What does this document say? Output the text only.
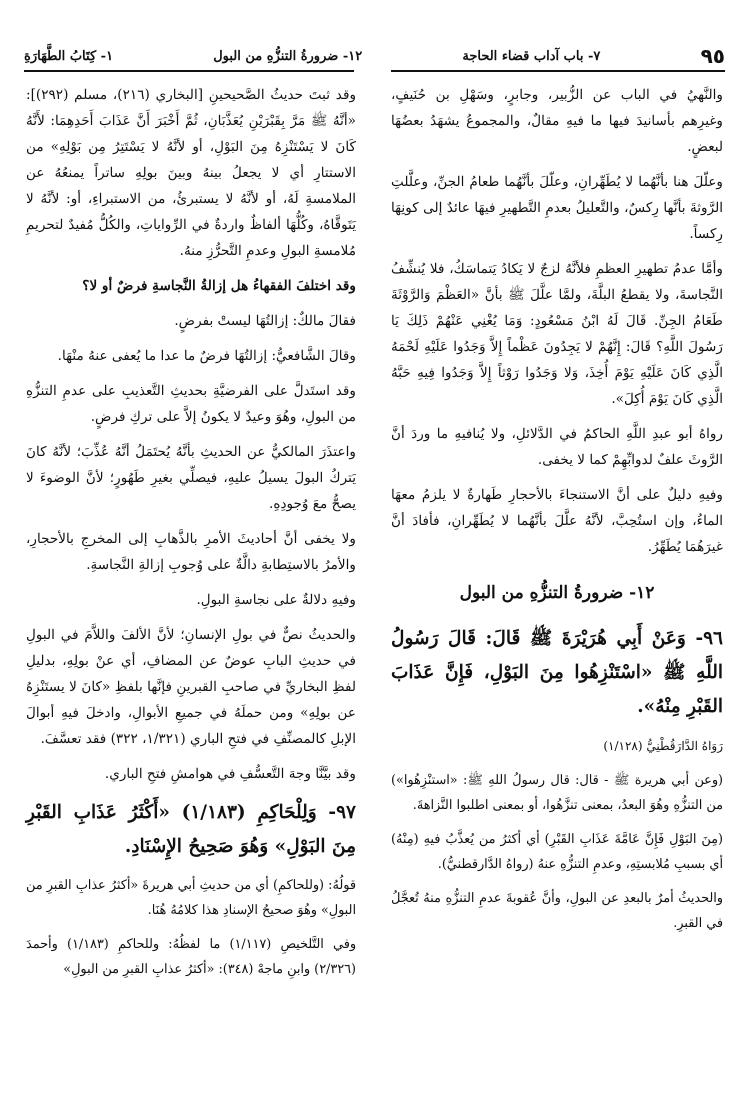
٩٥
٧- باب آداب قضاء الحاجة
١٢- ضرورةُ التنزُّهِ من البول
١- كِتَابُ الطَّهَارَةِ

والنَّهيُ في الباب عن الزُّبير، وجابرٍ، وسَهْلِ بن حُنَيفٍ، وغيرِهم بأسانيدَ فيها ما فيهِ مقالٌ، والمجموعُ يشهَدُ بعضُهَا لبعضٍ.

وعلّلَ هنا بأنَّهُما لا يُطَهِّرانِ، وعلّلَ بأنَّهُما طعامُ الجنِّ، وعلَّلتِ الرَّوثةَ بأنَّها رِكسٌ، والتَّعليلُ بعدمِ التَّطهيرِ فيهَا عائدٌ إلى كونِهَا رِكساً.

وأمَّا عدمُ تطهيرِ العظمِ فلأنَّهُ لزجٌ لا يَكادُ يَتماسَكُ، فلا يُنشِّفُ النَّجاسةَ، ولا يقطعُ البلَّةَ، ولمَّا علَّلَ ﷺ بأنَّ «العَظْمَ وَالرَّوْثَةَ طَعَامُ الجِنِّ. قَالَ لَهُ ابْنُ مَسْعُودٍ: وَمَا يُغْنِي عَنْهُمْ ذَلِكَ يَا رَسُولَ اللَّهِ؟ قَالَ: إِنَّهُمْ لا يَجِدُونَ عَظْماً إِلاَّ وَجَدُوا عَلَيْهِ لَحْمَهُ الَّذِي كَانَ عَلَيْهِ يَوْمَ أُخِذَ، وَلا وَجَدُوا رَوْثاً إِلاَّ وَجَدُوا فِيهِ حَبَّهُ الَّذِي كَانَ يَوْمَ أُكِلَ».

رواهُ أبو عبدِ اللَّهِ الحاكمُ في الدَّلائلِ، ولا يُنافيهِ ما وردَ أنَّ الرَّوثَ علفٌ لدوابِّهِمْ كما لا يخفى.

وفيهِ دليلٌ على أنَّ الاستنجاءَ بالأحجارِ طَهارةٌ لا يلزمُ معهَا الماءُ، وإن استُحِبَّ، لأنَّهُ علَّلَ بأنَّهُما لا يُطَهِّرانِ، فأفادَ أنَّ غيرَهُمَا يُطَهِّرُ.

١٢- ضرورةُ التنزُّهِ من البول

٩٦- وَعَنْ أَبِي هُرَيْرَةَ ﷺ قَالَ: قَالَ رَسُولُ اللَّهِ ﷺ «اسْتَنْزِهُوا مِنَ البَوْلِ، فَإِنَّ عَذَابَ القَبْرِ مِنْهُ».

رَوَاهُ الدَّارَقُطْنِيُّ (١/١٢٨)

(وعن أبي هريرة ﷺ - قال: قال رسولُ اللهِ ﷺ: «استنْزِهُوا») من التنزُّهِ وهُوَ البعدُ، بمعنى تنزَّهُوا، أو بمعنى اطلبوا النَّزاهةَ.

(مِنَ البَوْلِ فَإِنَّ عَامَّةَ عَذَابِ القَبْرِ) أي أكثرُ من يُعذَّبُ فيهِ (مِنْهُ) أي بسببِ مُلابستِهِ، وعدمِ التنزُّهِ عنهُ (رواهُ الدَّارقطنيُّ).

والحديثُ أمرٌ بالبعدِ عن البولِ، وأنَّ عُقوبةَ عدمِ التنزُّهِ منهُ تُعجَّلُ في القبرِ.

وقد ثبتَ حديثُ الصَّحيحينِ [البخاري (٢١٦)، مسلم (٢٩٢)]: «أنَّهُ ﷺ مَرَّ بِقَبْرَيْنِ يُعَذَّبَانِ، ثُمَّ أَخْبَرَ أَنَّ عَذَابَ أَحَدِهِمَا: لأَنَّهُ كَانَ لا يَسْتَنْزِهُ مِنَ البَوْلِ، أو لأنَّهُ لا يَسْتَتِرُ مِن بَوْلِهِ» من الاستتارِ أي لا يجعلُ بينهُ وبينَ بولِهِ ساتراً يمنعُهُ عن الملامسةِ لَهُ، أو لأنَّهُ لا يستبرئُ، من الاستبراءِ، أو: لأنَّهُ لا يَتَوقَّاهُ، وكُلُّهَا ألفاظٌ واردةٌ في الرِّواياتِ، والكُلُّ مُفيدٌ لتحريمِ مُلامسةِ البولِ وعدمِ التَّحرُّزِ منهُ.

وقد اختلفَ الفقهاءُ هل إزالةُ النَّجاسةِ فرضٌ أو لا؟

فقالَ مالكٌ: إزالتُهَا ليستْ بفرضٍ.

وقالَ الشَّافعيُّ: إزالتُهَا فرضٌ ما عدا ما يُعفى عنهُ منْهَا.

وقد استَدلَّ على الفرضيَّةِ بحديثِ التَّعذيبِ على عدمِ التنزُّهِ من البولِ، وهُوَ وعيدٌ لا يكونُ إلاَّ على تركِ فرضٍ.

واعتذَرَ المالكيُّ عن الحديثِ بأنَّهُ يُحتَمَلُ أنَّهُ عُذِّبَ؛ لأنَّهُ كانَ يَتركُ البولَ يسيلُ عليهِ، فيصلِّي بغيرِ طَهُورٍ؛ لأنَّ الوضوءَ لا يصحُّ معَ وُجودِهِ.

ولا يخفى أنَّ أحاديثَ الأمرِ بالذَّهابِ إلى المخرجِ بالأحجارِ، والأمرُ بالاستِطابةِ دالَّةٌ على وُجوبِ إزالةِ النَّجاسةِ.

وفيهِ دلالةٌ على نجاسةِ البولِ.

والحديثُ نصٌّ في بولِ الإنسانِ؛ لأنَّ الألفَ واللاَّمَ في البولِ في حديثِ البابِ عوضٌ عن المضافِ، أي عنْ بولِهِ، بدليلِ لفظِ البخاريِّ في صاحبِ القبرينِ فإنَّها بلفظِ «كانَ لا يستَنْزِهُ عن بولِهِ» ومن حملَهُ في جميعِ الأبوالِ، وادخلَ فيهِ أبوالَ الإبلِ كالمصنِّفِ في فتحِ الباري (١/٣٢١، ٣٢٢) فقد تعسَّفَ.

وقد بيَّنَّا وجهَ التَّعسُّفِ في هوامشِ فتحِ الباري.

٩٧- وَلِلْحَاكِمِ (١/١٨٣) «أَكْثَرُ عَذَابِ القَبْرِ مِنَ البَوْلِ» وَهُوَ صَحِيحُ الإِسْنَادِ.

قولُهُ: (وللحاكمِ) أي من حديثِ أبي هريرةَ «أكثرُ عذابِ القبرِ من البولِ» وهُوَ صحيحُ الإسنادِ هذا كلامُهُ هُنَا.

وفي التَّلخيصِ (١/١١٧) ما لفظُهُ: وللحاكمِ (١/١٨٣) وأحمدَ (٢/٣٢٦) وابنِ ماجهْ (٣٤٨): «أكثرُ عذابِ القبرِ من البولِ»
